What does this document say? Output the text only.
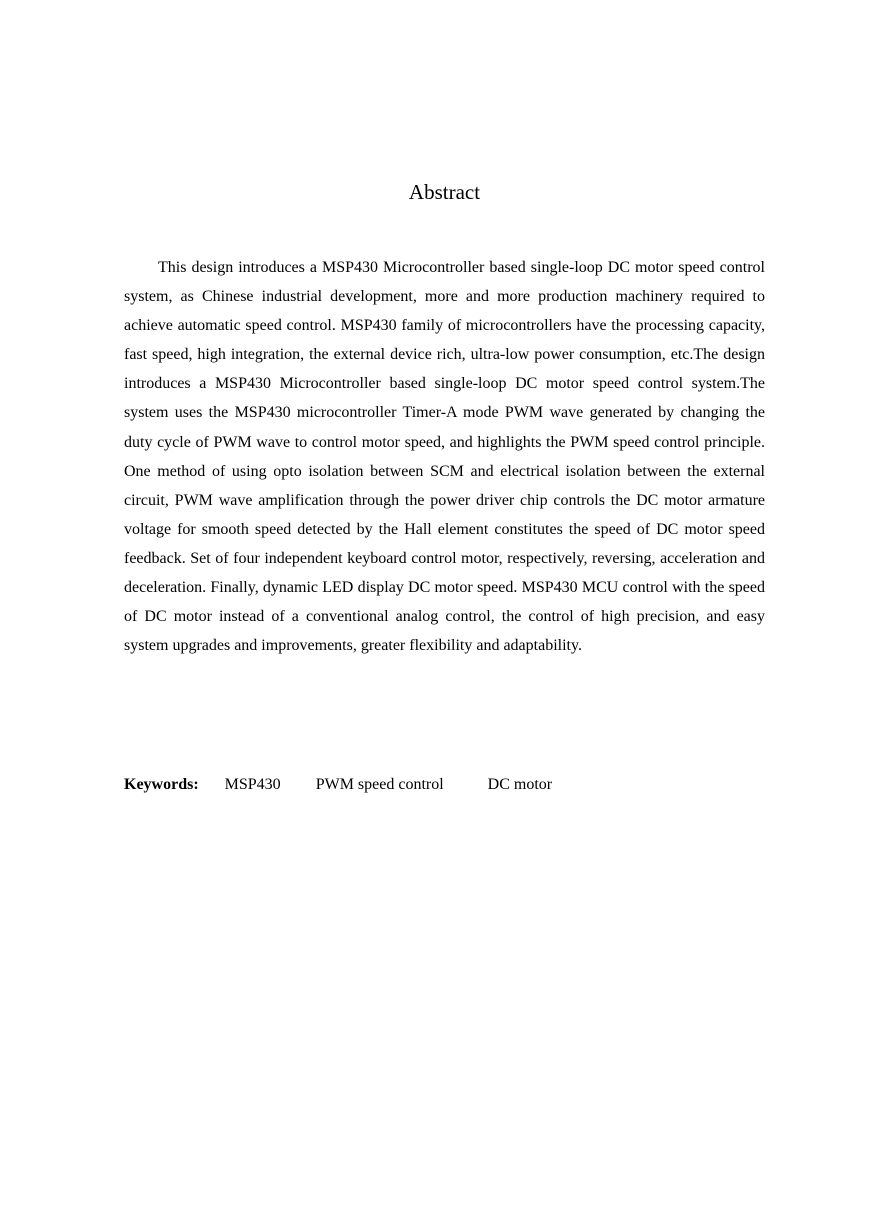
Abstract

This design introduces a MSP430 Microcontroller based single-loop DC motor speed control system, as Chinese industrial development, more and more production machinery required to achieve automatic speed control. MSP430 family of microcontrollers have the processing capacity, fast speed, high integration, the external device rich, ultra-low power consumption, etc.The design introduces a MSP430 Microcontroller based single-loop DC motor speed control system.The system uses the MSP430 microcontroller Timer-A mode PWM wave generated by changing the duty cycle of PWM wave to control motor speed, and highlights the PWM speed control principle. One method of using opto isolation between SCM and electrical isolation between the external circuit, PWM wave amplification through the power driver chip controls the DC motor armature voltage for smooth speed detected by the Hall element constitutes the speed of DC motor speed feedback. Set of four independent keyboard control motor, respectively, reversing, acceleration and deceleration. Finally, dynamic LED display DC motor speed. MSP430 MCU control with the speed of DC motor instead of a conventional analog control, the control of high precision, and easy system upgrades and improvements, greater flexibility and adaptability.

Keywords: MSP430 PWM speed control	DC motor
